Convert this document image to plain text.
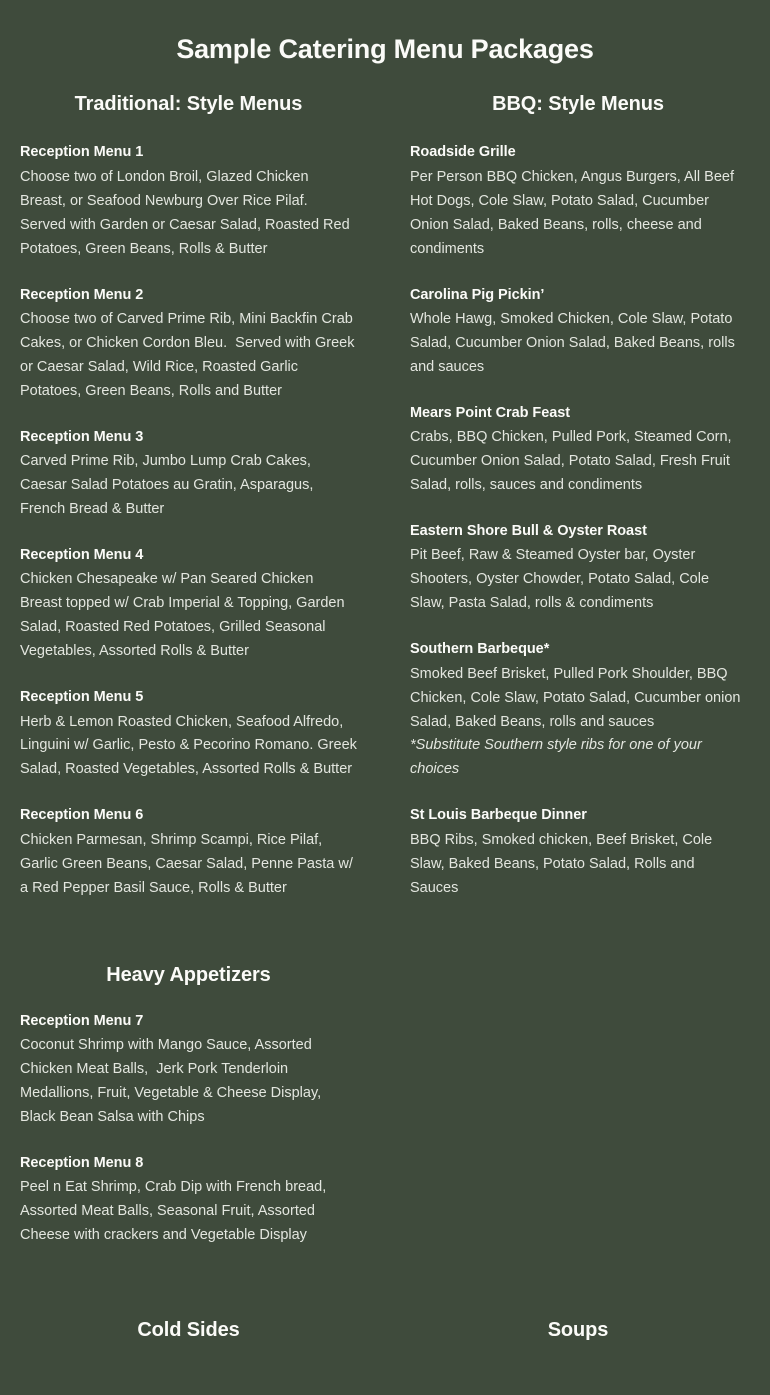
Sample Catering Menu Packages
Traditional: Style Menus
Reception Menu 1
Choose two of London Broil, Glazed Chicken Breast, or Seafood Newburg Over Rice Pilaf.  Served with Garden or Caesar Salad, Roasted Red Potatoes, Green Beans, Rolls & Butter
Reception Menu 2
Choose two of Carved Prime Rib, Mini Backfin Crab Cakes, or Chicken Cordon Bleu.  Served with Greek or Caesar Salad, Wild Rice, Roasted Garlic Potatoes, Green Beans, Rolls and Butter
Reception Menu 3
Carved Prime Rib, Jumbo Lump Crab Cakes, Caesar Salad Potatoes au Gratin, Asparagus, French Bread & Butter
Reception Menu 4
Chicken Chesapeake w/ Pan Seared Chicken Breast topped w/ Crab Imperial & Topping, Garden Salad, Roasted Red Potatoes, Grilled Seasonal Vegetables, Assorted Rolls & Butter
Reception Menu 5
Herb & Lemon Roasted Chicken, Seafood Alfredo, Linguini w/ Garlic, Pesto & Pecorino Romano. Greek Salad, Roasted Vegetables, Assorted Rolls & Butter
Reception Menu 6
Chicken Parmesan, Shrimp Scampi, Rice Pilaf, Garlic Green Beans, Caesar Salad, Penne Pasta w/ a Red Pepper Basil Sauce, Rolls & Butter
Heavy Appetizers
Reception Menu 7
Coconut Shrimp with Mango Sauce, Assorted Chicken Meat Balls,  Jerk Pork Tenderloin Medallions, Fruit, Vegetable & Cheese Display, Black Bean Salsa with Chips
Reception Menu 8
Peel n Eat Shrimp, Crab Dip with French bread, Assorted Meat Balls, Seasonal Fruit, Assorted Cheese with crackers and Vegetable Display
BBQ: Style Menus
Roadside Grille
Per Person BBQ Chicken, Angus Burgers, All Beef Hot Dogs, Cole Slaw, Potato Salad, Cucumber Onion Salad, Baked Beans, rolls, cheese and condiments
Carolina Pig Pickin’
Whole Hawg, Smoked Chicken, Cole Slaw, Potato Salad, Cucumber Onion Salad, Baked Beans, rolls and sauces
Mears Point Crab Feast
Crabs, BBQ Chicken, Pulled Pork, Steamed Corn, Cucumber Onion Salad, Potato Salad, Fresh Fruit Salad, rolls, sauces and condiments
Eastern Shore Bull & Oyster Roast
Pit Beef, Raw & Steamed Oyster bar, Oyster Shooters, Oyster Chowder, Potato Salad, Cole Slaw, Pasta Salad, rolls & condiments
Southern Barbeque*
Smoked Beef Brisket, Pulled Pork Shoulder, BBQ Chicken, Cole Slaw, Potato Salad, Cucumber onion Salad, Baked Beans, rolls and sauces
*Substitute Southern style ribs for one of your choices
St Louis Barbeque Dinner
BBQ Ribs, Smoked chicken, Beef Brisket, Cole Slaw, Baked Beans, Potato Salad, Rolls and Sauces
Cold Sides	Soups
